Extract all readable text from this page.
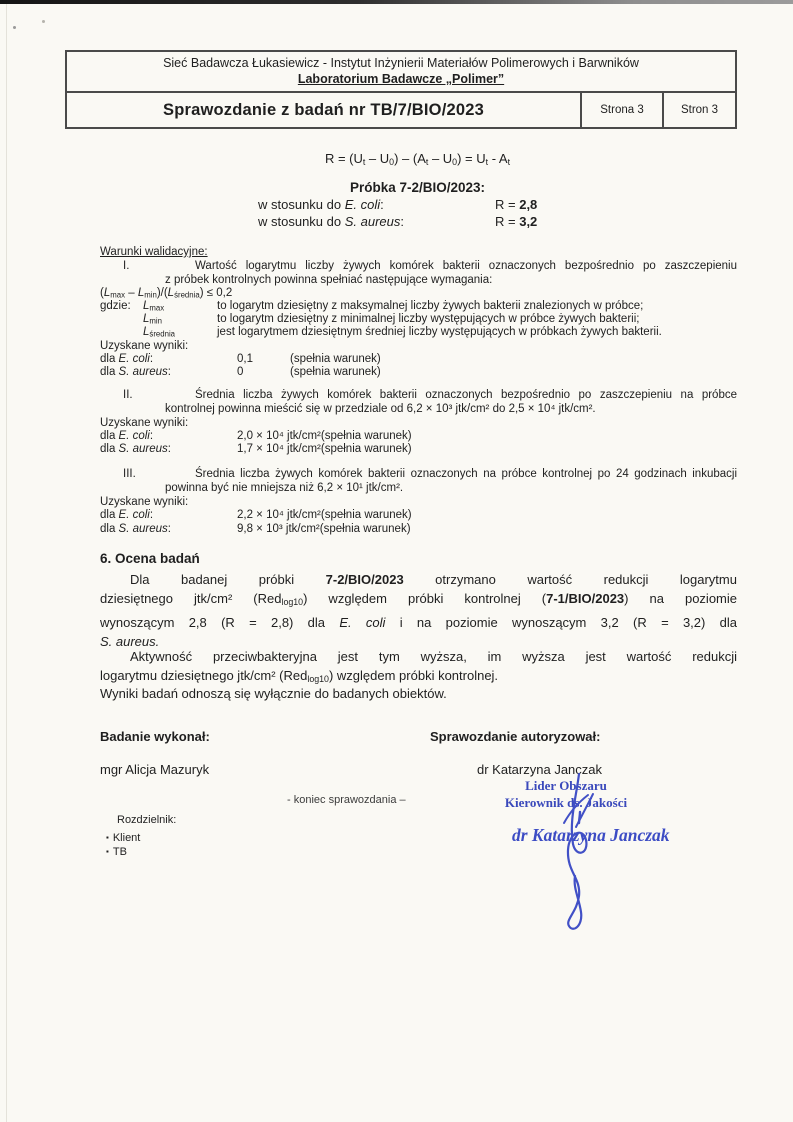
Sieć Badawcza Łukasiewicz - Instytut Inżynierii Materiałów Polimerowych i Barwników
Laboratorium Badawcze „Polimer”
Sprawozdanie z badań nr TB/7/BIO/2023	Strona 3	Stron 3
$R = (U_t - U_0) - (A_t - U_0) = U_t - A_t$
Próbka 7-2/BIO/2023:
w stosunku do E. coli:	R = 2,8
w stosunku do S. aureus:	R = 3,2
Warunki walidacyjne:
I.	Wartość logarytmu liczby żywych komórek bakterii oznaczonych bezpośrednio po zaszczepieniu
z próbek kontrolnych powinna spełniać następujące wymagania:
$(L_{max} - L_{min})/(L_{średnia}) \le 0,2$
gdzie:	$L_{max}$	to logarytm dziesiętny z maksymalnej liczby żywych bakterii znalezionych w próbce;
$L_{min}$	to logarytm dziesiętny z minimalnej liczby występujących w próbce żywych bakterii;
$L_{średnia}$	jest logarytmem dziesiętnym średniej liczby występujących w próbkach żywych bakterii.
Uzyskane wyniki:
dla E. coli:	0,1	(spełnia warunek)
dla S. aureus:	0	(spełnia warunek)
II.	Średnia liczba żywych komórek bakterii oznaczonych bezpośrednio po zaszczepieniu na próbce
kontrolnej powinna mieścić się w przedziale od 6,2 × 10³ jtk/cm² do 2,5 × 10⁴ jtk/cm².
Uzyskane wyniki:
dla E. coli:	2,0 × 10⁴ jtk/cm² (spełnia warunek)
dla S. aureus:	1,7 × 10⁴ jtk/cm² (spełnia warunek)
III.	Średnia liczba żywych komórek bakterii oznaczonych na próbce kontrolnej po 24 godzinach inkubacji
powinna być nie mniejsza niż 6,2 × 10¹ jtk/cm².
Uzyskane wyniki:
dla E. coli:	2,2 × 10⁴ jtk/cm² (spełnia warunek)
dla S. aureus:	9,8 × 10³ jtk/cm² (spełnia warunek)
6. Ocena badań
Dla badanej próbki 7-2/BIO/2023 otrzymano wartość redukcji logarytmu
dziesiętnego jtk/cm² (Red$_{log10}$) względem próbki kontrolnej (7-1/BIO/2023) na poziomie
wynoszącym 2,8 (R = 2,8) dla E. coli i na poziomie wynoszącym 3,2 (R = 3,2) dla
S. aureus.
Aktywność przeciwbakteryjna jest tym wyższa, im wyższa jest wartość redukcji
logarytmu dziesiętnego jtk/cm² (Red$_{log10}$) względem próbki kontrolnej.
Wyniki badań odnoszą się wyłącznie do badanych obiektów.
Badanie wykonał:	Sprawozdanie autoryzował:
mgr Alicja Mazuryk	dr Katarzyna Janczak
- koniec sprawozdania –
Lider Obszaru
Kierownik ds. Jakości
dr Katarzyna Janczak
Rozdzielnik:
▪ Klient
▪ TB
